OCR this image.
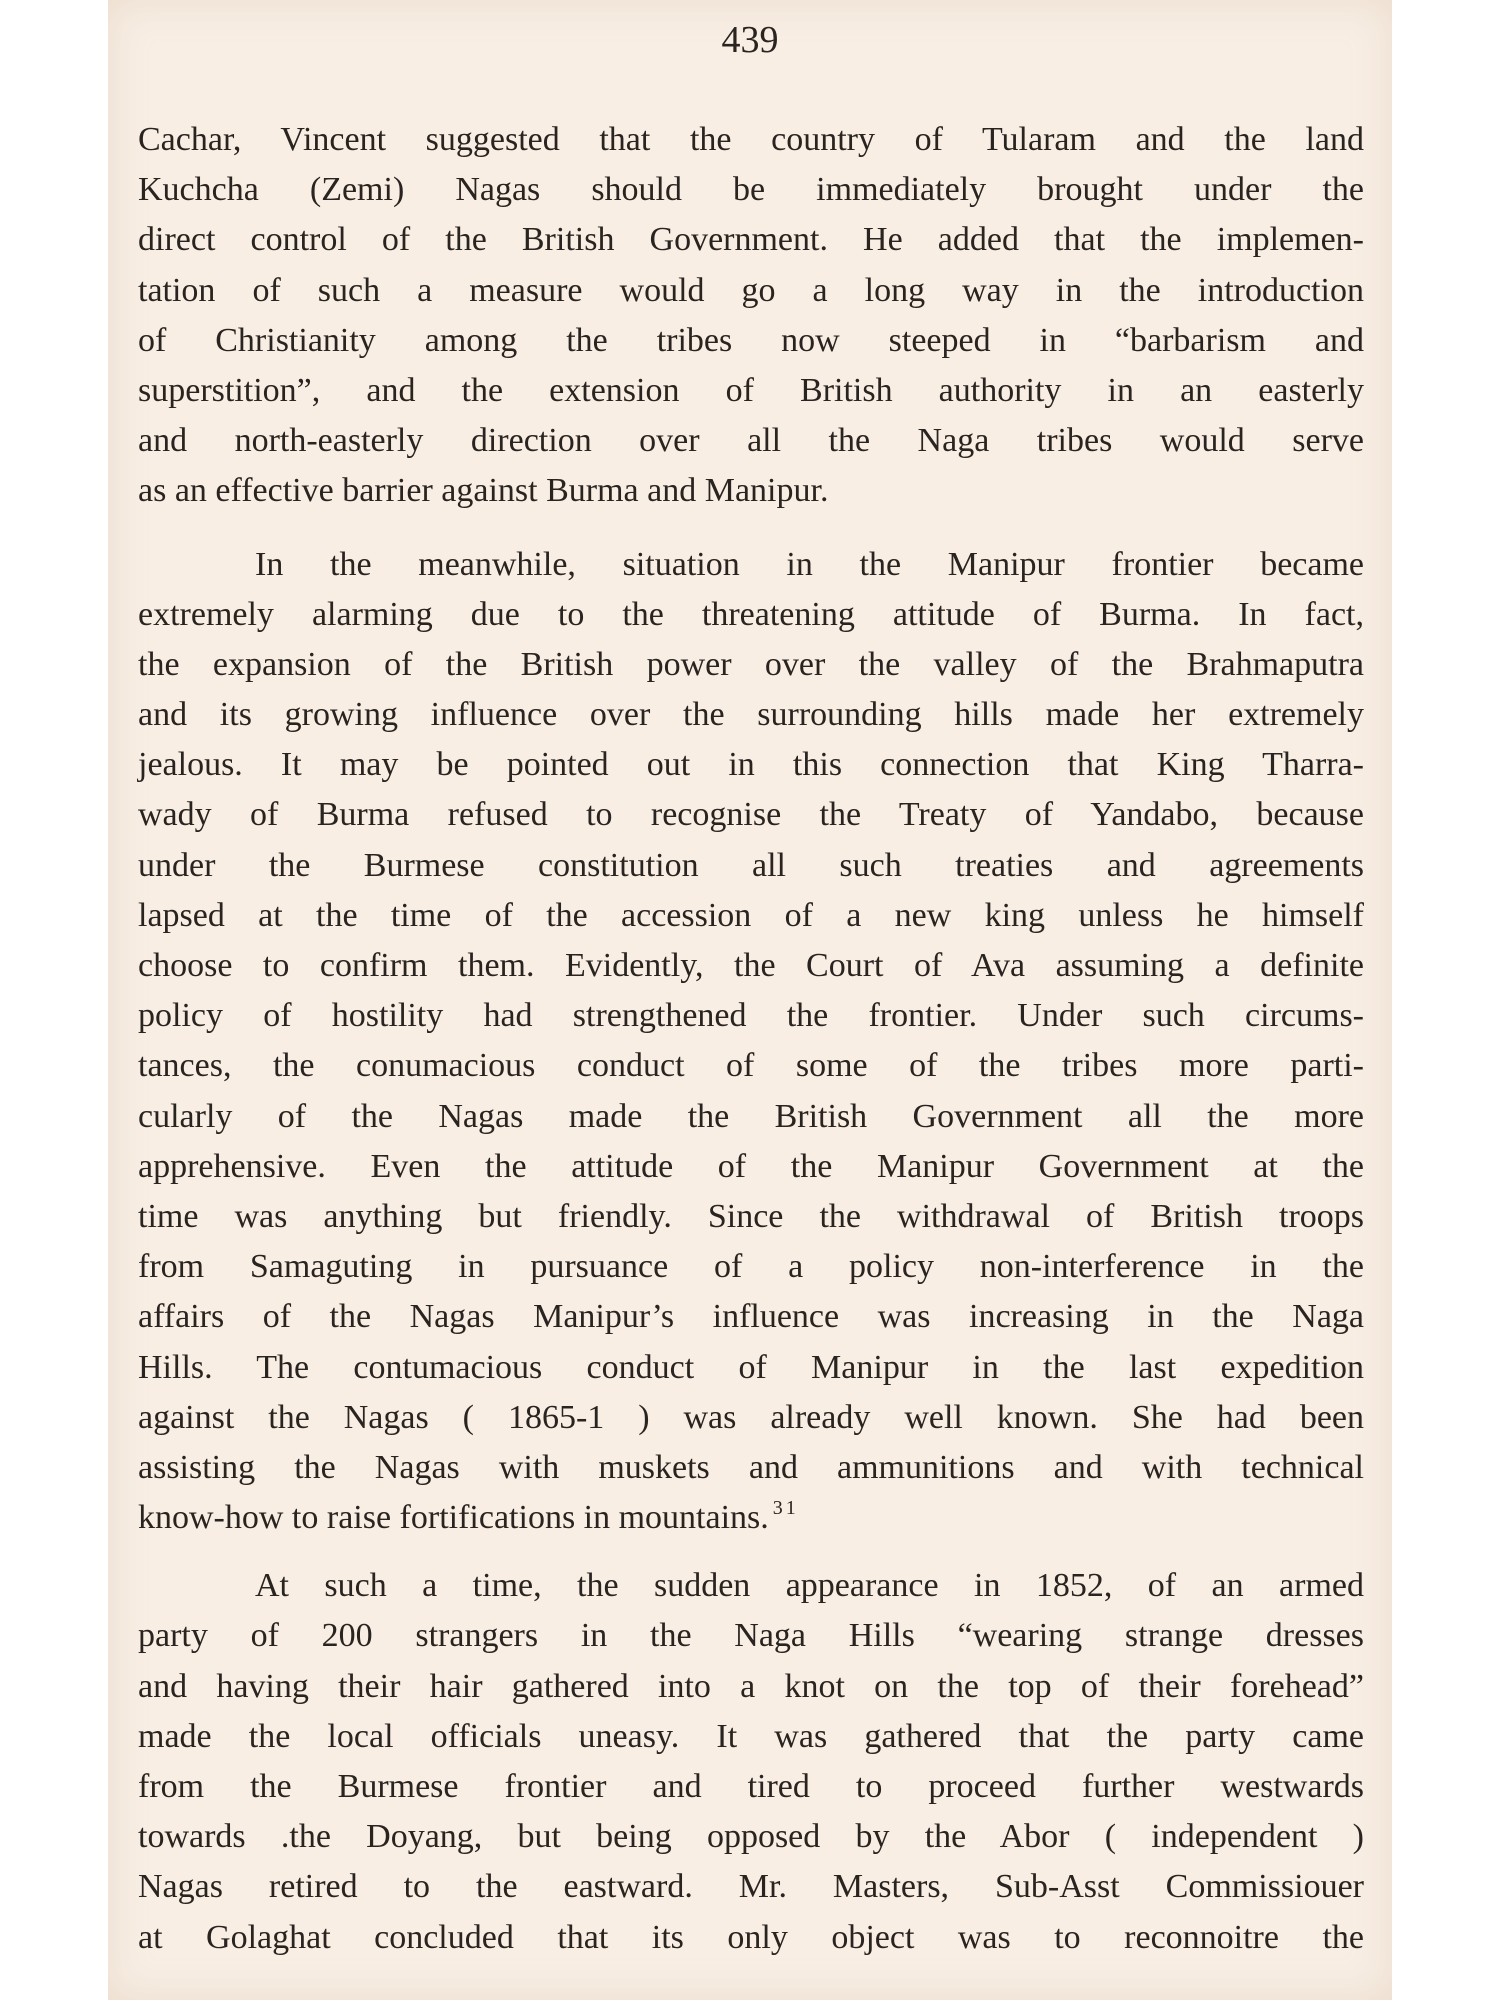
439
Cachar, Vincent suggested that the country of Tularam and the land
Kuchcha (Zemi) Nagas should be immediately brought under the
direct control of the British Government. He added that the implemen-
tation of such a measure would go a long way in the introduction
of Christianity among the tribes now steeped in “barbarism and
superstition”, and the extension of British authority in an easterly
and north-easterly direction over all the Naga tribes would serve
as an effective barrier against Burma and Manipur.
In the meanwhile, situation in the Manipur frontier became
extremely alarming due to the threatening attitude of Burma. In fact,
the expansion of the British power over the valley of the Brahmaputra
and its growing influence over the surrounding hills made her extremely
jealous. It may be pointed out in this connection that King Tharra-
wady of Burma refused to recognise the Treaty of Yandabo, because
under the Burmese constitution all such treaties and agreements
lapsed at the time of the accession of a new king unless he himself
choose to confirm them. Evidently, the Court of Ava assuming a definite
policy of hostility had strengthened the frontier. Under such circums-
tances, the conumacious conduct of some of the tribes more parti-
cularly of the Nagas made the British Government all the more
apprehensive. Even the attitude of the Manipur Government at the
time was anything but friendly. Since the withdrawal of British troops
from Samaguting in pursuance of a policy non-interference in the
affairs of the Nagas Manipur’s influence was increasing in the Naga
Hills. The contumacious conduct of Manipur in the last expedition
against the Nagas ( 1865-1 ) was already well known. She had been
assisting the Nagas with muskets and ammunitions and with technical
know-how to raise fortifications in mountains. $^{31}$
At such a time, the sudden appearance in 1852, of an armed
party of 200 strangers in the Naga Hills “wearing strange dresses
and having their hair gathered into a knot on the top of their forehead”
made the local officials uneasy. It was gathered that the party came
from the Burmese frontier and tired to proceed further westwards
towards .the Doyang, but being opposed by the Abor ( independent )
Nagas retired to the eastward. Mr. Masters, Sub-Asst Commissiouer
at Golaghat concluded that its only object was to reconnoitre the
